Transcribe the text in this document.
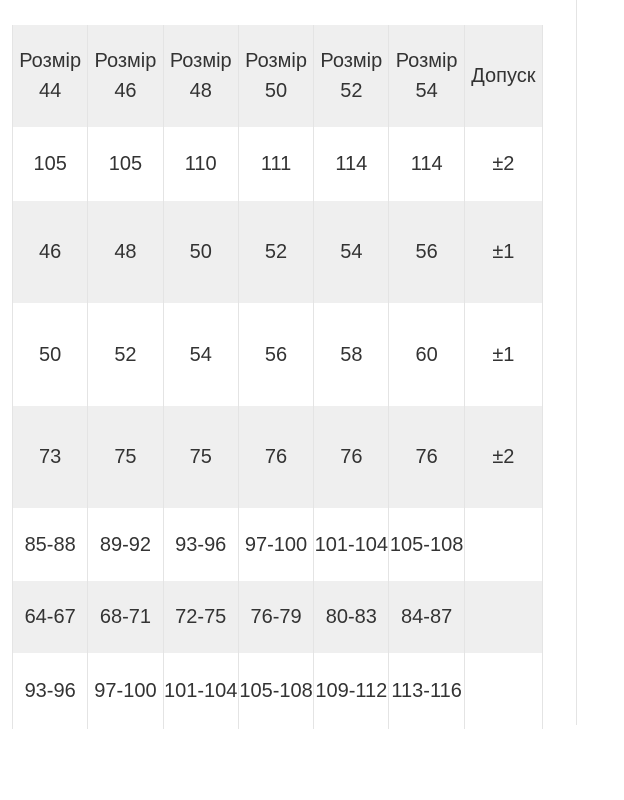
Розмір 44	Розмір 46	Розмір 48	Розмір 50	Розмір 52	Розмір 54	Допуск
105	105	110	111	114	114	±2
46	48	50	52	54	56	±1
50	52	54	56	58	60	±1
73	75	75	76	76	76	±2
85-88	89-92	93-96	97-100	101-104	105-108	
64-67	68-71	72-75	76-79	80-83	84-87	
93-96	97-100	101-104	105-108	109-112	113-116	
